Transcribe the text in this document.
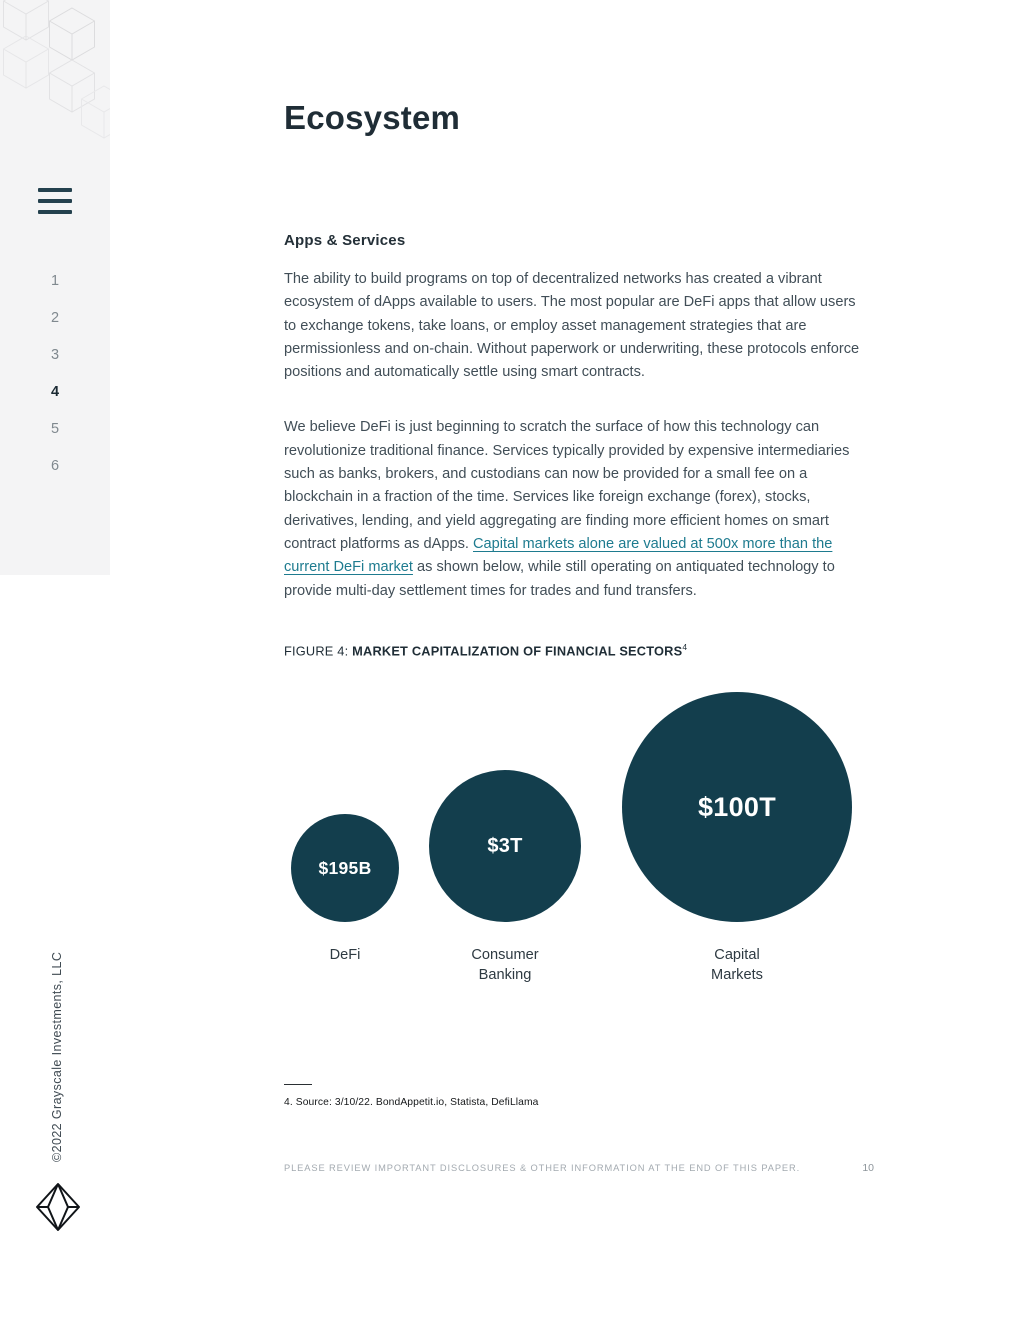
1
2
3
4
5
6
©2022 Grayscale Investments, LLC
Ecosystem
Apps & Services

The ability to build programs on top of decentralized networks has created a vibrant ecosystem of dApps available to users. The most popular are DeFi apps that allow users to exchange tokens, take loans, or employ asset management strategies that are permissionless and on-chain. Without paperwork or underwriting, these protocols enforce positions and automatically settle using smart contracts.

We believe DeFi is just beginning to scratch the surface of how this technology can revolutionize traditional finance. Services typically provided by expensive intermediaries such as banks, brokers, and custodians can now be provided for a small fee on a blockchain in a fraction of the time. Services like foreign exchange (forex), stocks, derivatives, lending, and yield aggregating are finding more efficient homes on smart contract platforms as dApps. Capital markets alone are valued at 500x more than the current DeFi market as shown below, while still operating on antiquated technology to provide multi-day settlement times for trades and fund transfers.

FIGURE 4: MARKET CAPITALIZATION OF FINANCIAL SECTORS$^4$
$195B
DeFi
$3T
Consumer Banking
$100T
Capital Markets
4. Source: 3/10/22. BondAppetit.io, Statista, DefiLlama
PLEASE REVIEW IMPORTANT DISCLOSURES & OTHER INFORMATION AT THE END OF THIS PAPER.	10
